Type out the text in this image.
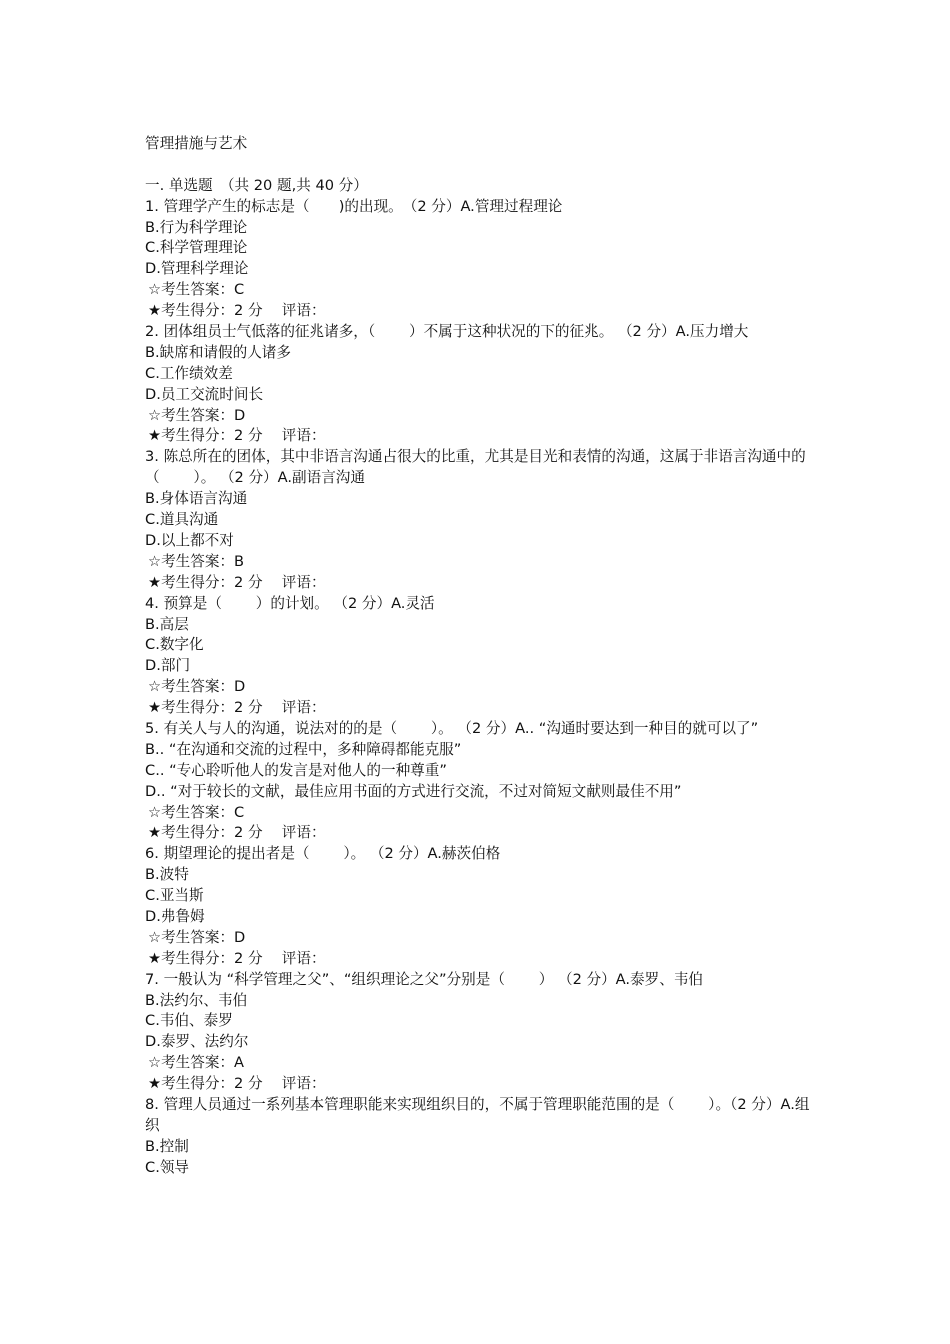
管理措施与艺术
一. 单选题　（共 20 题,共 40 分）
1. 管理学产生的标志是（　　)的出现。　（2 分）A.管理过程理论
B.行为科学理论
C.科学管理理论
D.管理科学理论
☆考生答案：C
★考生得分：2 分　 评语：
2. 团体组员士气低落的征兆诸多，（　　 ）不属于这种状况的下的征兆。 （2 分）A.压力增大
B.缺席和请假的人诸多
C.工作绩效差
D.员工交流时间长
☆考生答案：D
★考生得分：2 分　 评语：
3. 陈总所在的团体，其中非语言沟通占很大的比重，尤其是目光和表情的沟通，这属于非语言沟通中的（　　 ）。 （2 分）A.副语言沟通
B.身体语言沟通
C.道具沟通
D.以上都不对
☆考生答案：B
★考生得分：2 分　 评语：
4. 预算是（　　 ）的计划。 （2 分）A.灵活
B.高层
C.数字化
D.部门
☆考生答案：D
★考生得分：2 分　 评语：
5. 有关人与人的沟通，说法对的的是（　　 ）。 （2 分）A.. “沟通时要达到一种目的就可以了”
B.. “在沟通和交流的过程中，多种障碍都能克服”
C.. “专心聆听他人的发言是对他人的一种尊重”
D.. “对于较长的文献，最佳应用书面的方式进行交流，不过对简短文献则最佳不用”
☆考生答案：C
★考生得分：2 分　 评语：
6. 期望理论的提出者是（　　 ）。 （2 分）A.赫茨伯格
B.波特
C.亚当斯
D.弗鲁姆
☆考生答案：D
★考生得分：2 分　 评语：
7. 一般认为 “科学管理之父”、“组织理论之父”分别是（　　 ） （2 分）A.泰罗、韦伯
B.法约尔、韦伯
C.韦伯、泰罗
D.泰罗、法约尔
☆考生答案：A
★考生得分：2 分　 评语：
8. 管理人员通过一系列基本管理职能来实现组织目的，不属于管理职能范围的是（　　 ）。（2 分）A.组织
B.控制
C.领导
